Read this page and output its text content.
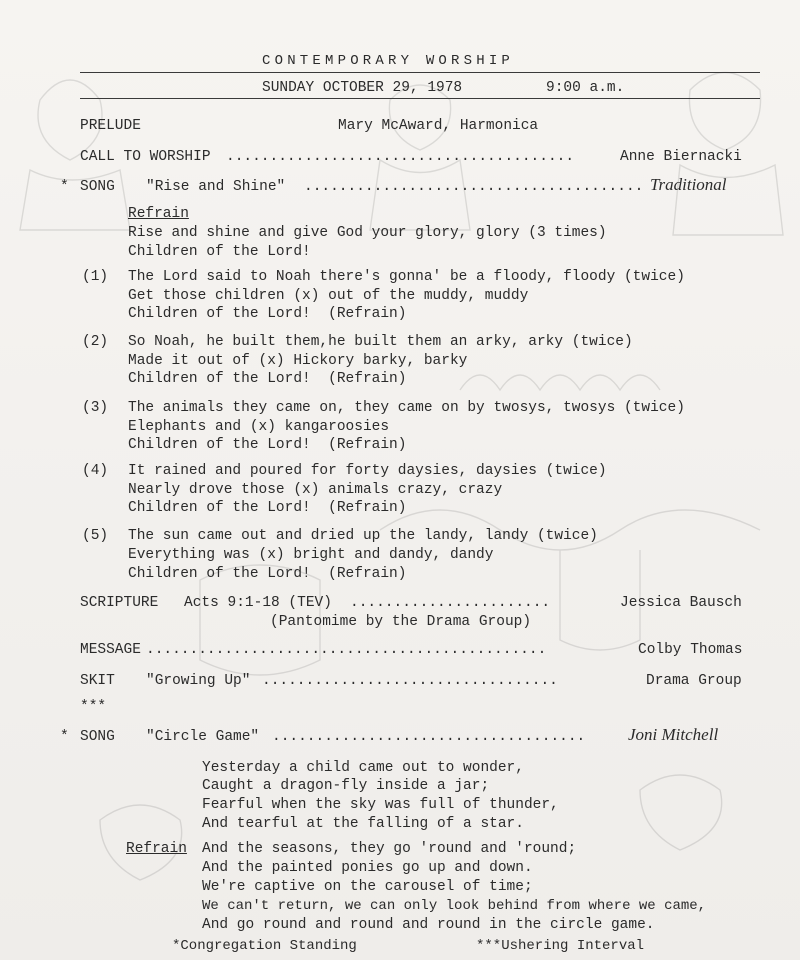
CONTEMPORARY WORSHIP
SUNDAY OCTOBER 29, 1978	9:00 a.m.
PRELUDE	Mary McAward, Harmonica
CALL TO WORSHIP ........................................	Anne Biernacki
* SONG "Rise and Shine" ....................................... Traditional
Refrain
Rise and shine and give God your glory, glory (3 times)
Children of the Lord!
(1) The Lord said to Noah there's gonna' be a floody, floody (twice)
Get those children (x) out of the muddy, muddy
Children of the Lord!  (Refrain)
(2) So Noah, he built them,he built them an arky, arky (twice)
Made it out of (x) Hickory barky, barky
Children of the Lord!  (Refrain)
(3) The animals they came on, they came on by twosys, twosys (twice)
Elephants and (x) kangaroosies
Children of the Lord!  (Refrain)
(4) It rained and poured for forty daysies, daysies (twice)
Nearly drove those (x) animals crazy, crazy
Children of the Lord!  (Refrain)
(5) The sun came out and dried up the landy, landy (twice)
Everything was (x) bright and dandy, dandy
Children of the Lord!  (Refrain)
SCRIPTURE Acts 9:1-18 (TEV) .......................	Jessica Bausch
(Pantomime by the Drama Group)
MESSAGE ..............................................	Colby Thomas
SKIT "Growing Up" ..................................	Drama Group
***
* SONG "Circle Game" ....................................	Joni Mitchell
Yesterday a child came out to wonder,
Caught a dragon-fly inside a jar;
Fearful when the sky was full of thunder,
And tearful at the falling of a star.
Refrain And the seasons, they go 'round and 'round;
And the painted ponies go up and down.
We're captive on the carousel of time;
We can't return, we can only look behind from where we came,
And go round and round and round in the circle game.
*Congregation Standing	***Ushering Interval
